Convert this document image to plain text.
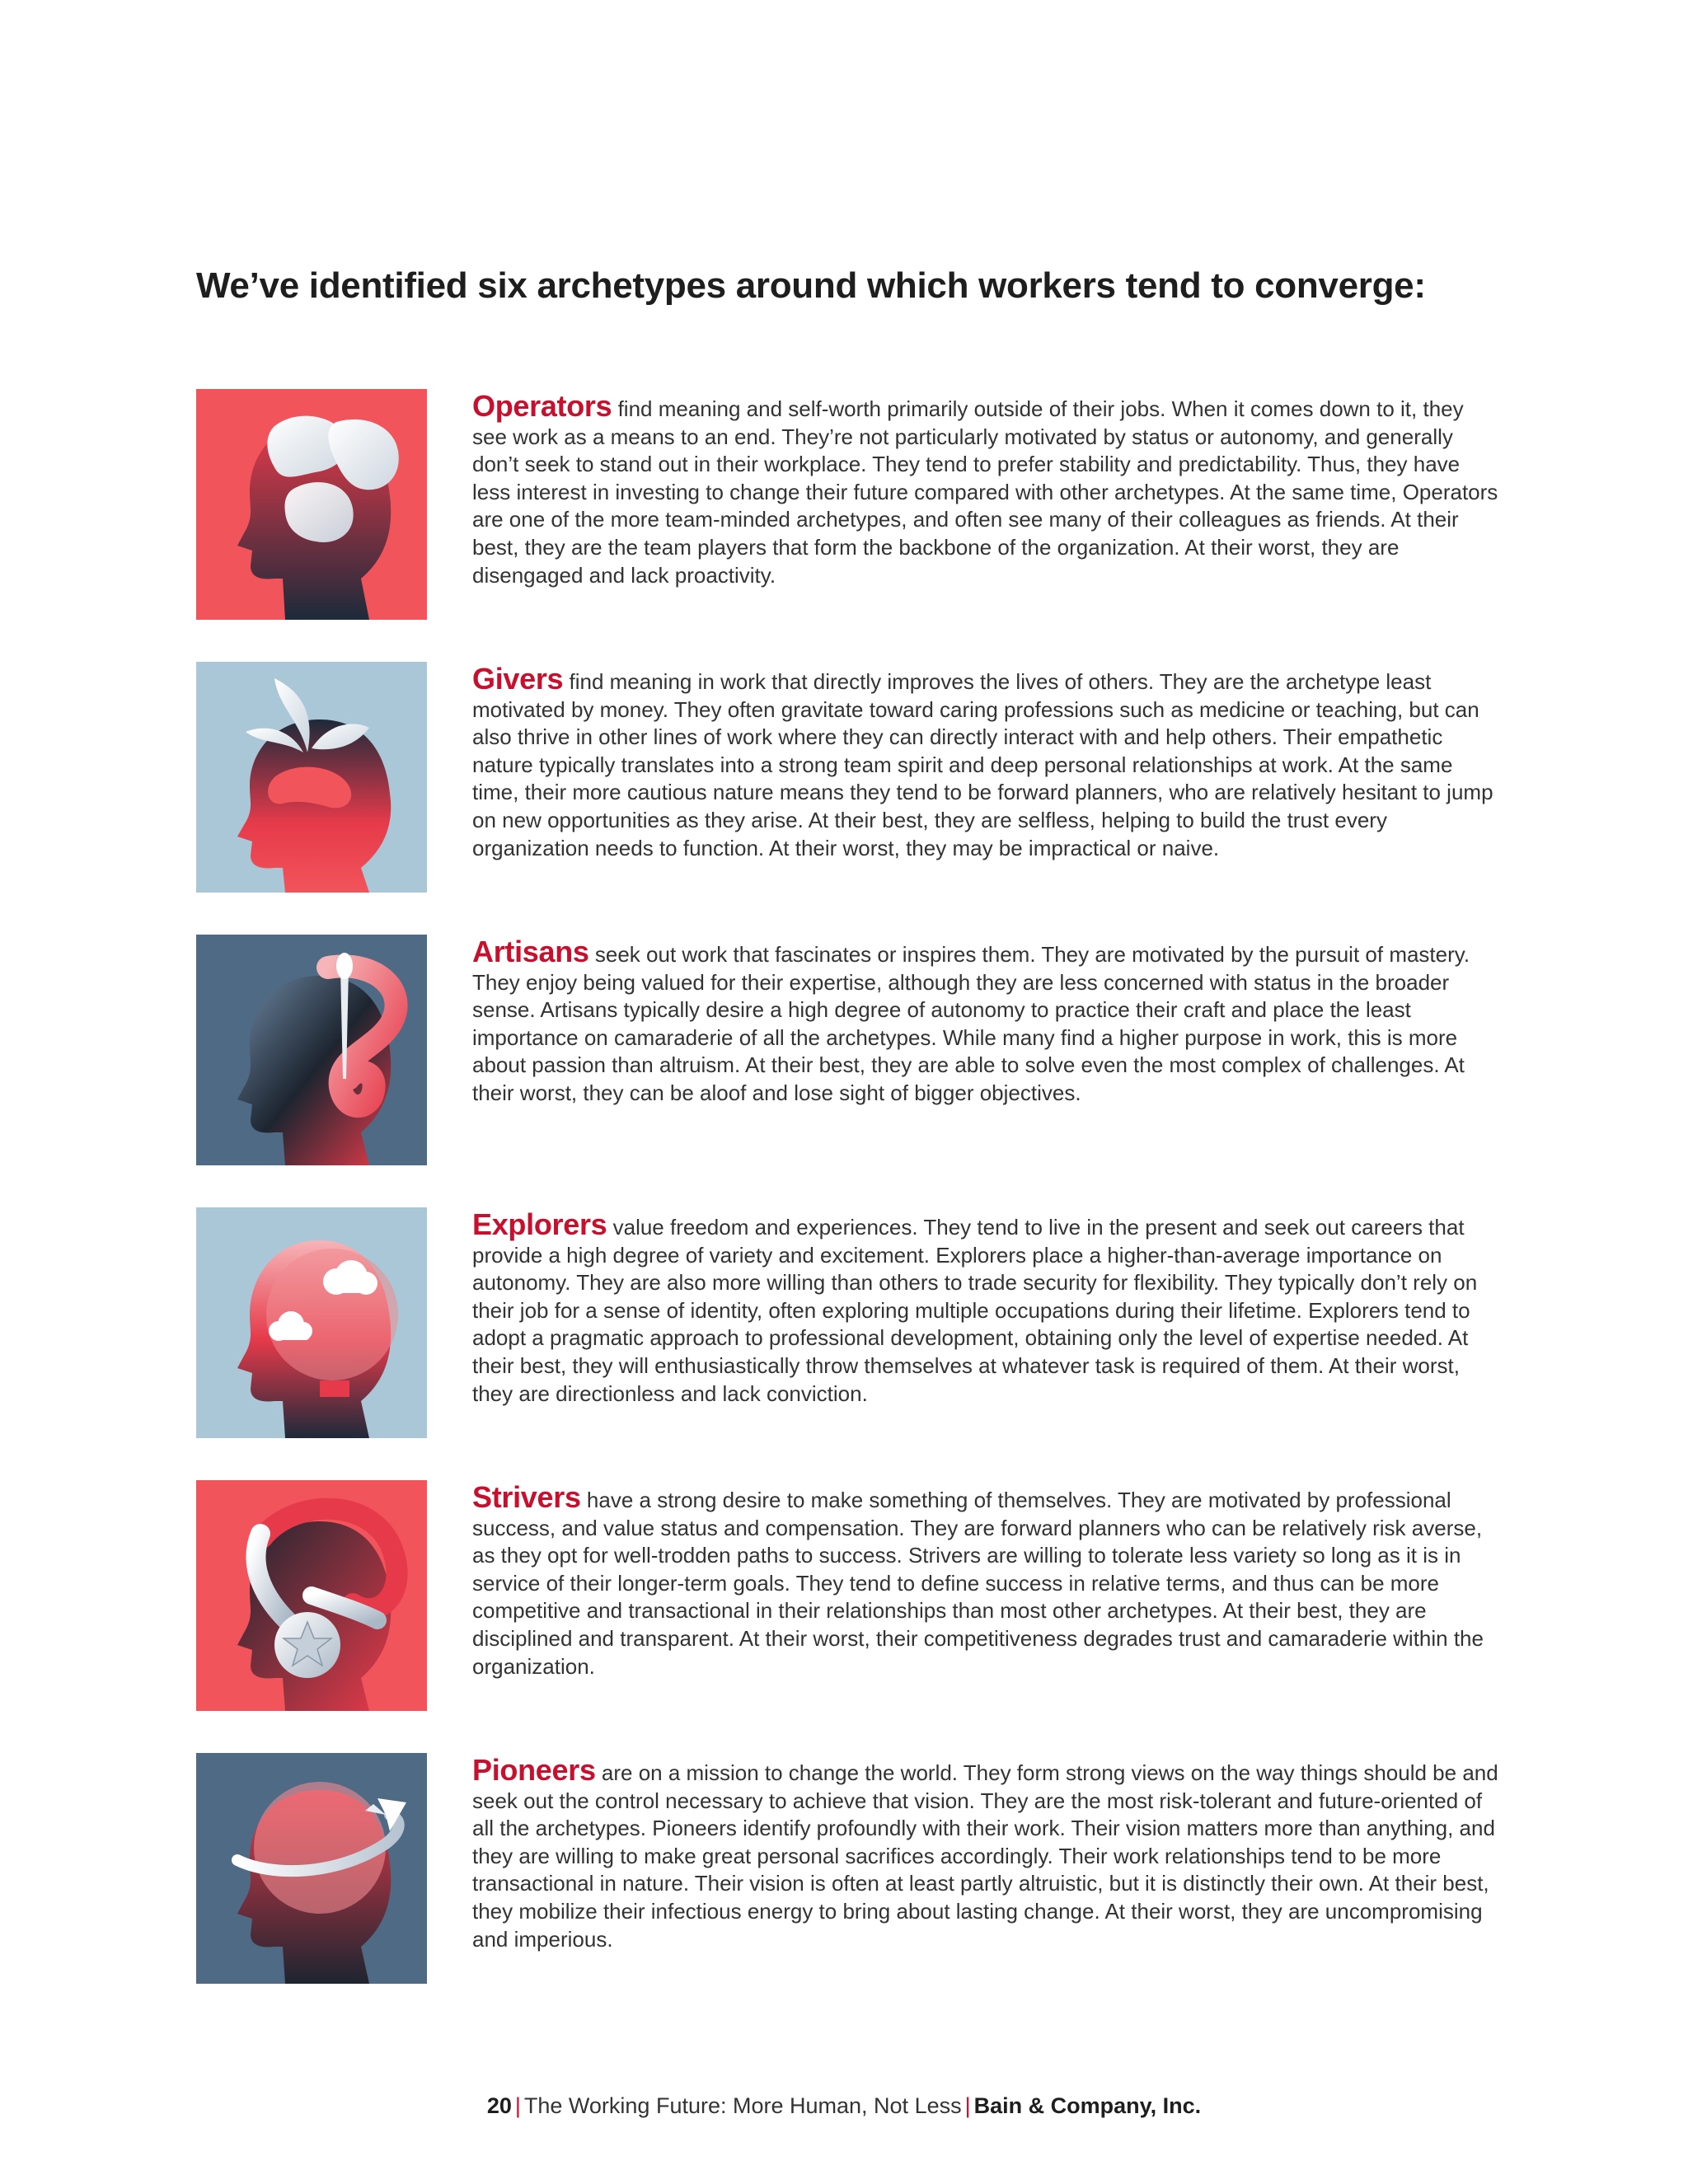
We’ve identified six archetypes around which workers tend to converge:

Operators find meaning and self-worth primarily outside of their jobs. When it comes down to it, they see work as a means to an end. They’re not particularly motivated by status or autonomy, and generally don’t seek to stand out in their workplace. They tend to prefer stability and predictability. Thus, they have less interest in investing to change their future compared with other archetypes. At the same time, Operators are one of the more team-minded archetypes, and often see many of their colleagues as friends. At their best, they are the team players that form the backbone of the organization. At their worst, they are disengaged and lack proactivity.

Givers find meaning in work that directly improves the lives of others. They are the archetype least motivated by money. They often gravitate toward caring professions such as medicine or teaching, but can also thrive in other lines of work where they can directly interact with and help others. Their empathetic nature typically translates into a strong team spirit and deep personal relationships at work. At the same time, their more cautious nature means they tend to be forward planners, who are relatively hesitant to jump on new opportunities as they arise. At their best, they are selfless, helping to build the trust every organization needs to function. At their worst, they may be impractical or naive.

Artisans seek out work that fascinates or inspires them. They are motivated by the pursuit of mastery. They enjoy being valued for their expertise, although they are less concerned with status in the broader sense. Artisans typically desire a high degree of autonomy to practice their craft and place the least importance on camaraderie of all the archetypes. While many find a higher purpose in work, this is more about passion than altruism. At their best, they are able to solve even the most complex of challenges. At their worst, they can be aloof and lose sight of bigger objectives.

Explorers value freedom and experiences. They tend to live in the present and seek out careers that provide a high degree of variety and excitement. Explorers place a higher-than-average importance on autonomy. They are also more willing than others to trade security for flexibility. They typically don’t rely on their job for a sense of identity, often exploring multiple occupations during their lifetime. Explorers tend to adopt a pragmatic approach to professional development, obtaining only the level of expertise needed. At their best, they will enthusiastically throw themselves at whatever task is required of them. At their worst, they are directionless and lack conviction.

Strivers have a strong desire to make something of themselves. They are motivated by professional success, and value status and compensation. They are forward planners who can be relatively risk averse, as they opt for well-trodden paths to success. Strivers are willing to tolerate less variety so long as it is in service of their longer-term goals. They tend to define success in relative terms, and thus can be more competitive and transactional in their relationships than most other archetypes. At their best, they are disciplined and transparent. At their worst, their competitiveness degrades trust and camaraderie within the organization.

Pioneers are on a mission to change the world. They form strong views on the way things should be and seek out the control necessary to achieve that vision. They are the most risk-tolerant and future-oriented of all the archetypes. Pioneers identify profoundly with their work. Their vision matters more than anything, and they are willing to make great personal sacrifices accordingly. Their work relationships tend to be more transactional in nature. Their vision is often at least partly altruistic, but it is distinctly their own. At their best, they mobilize their infectious energy to bring about lasting change. At their worst, they are uncompromising and imperious.

20 | The Working Future: More Human, Not Less | Bain & Company, Inc.
